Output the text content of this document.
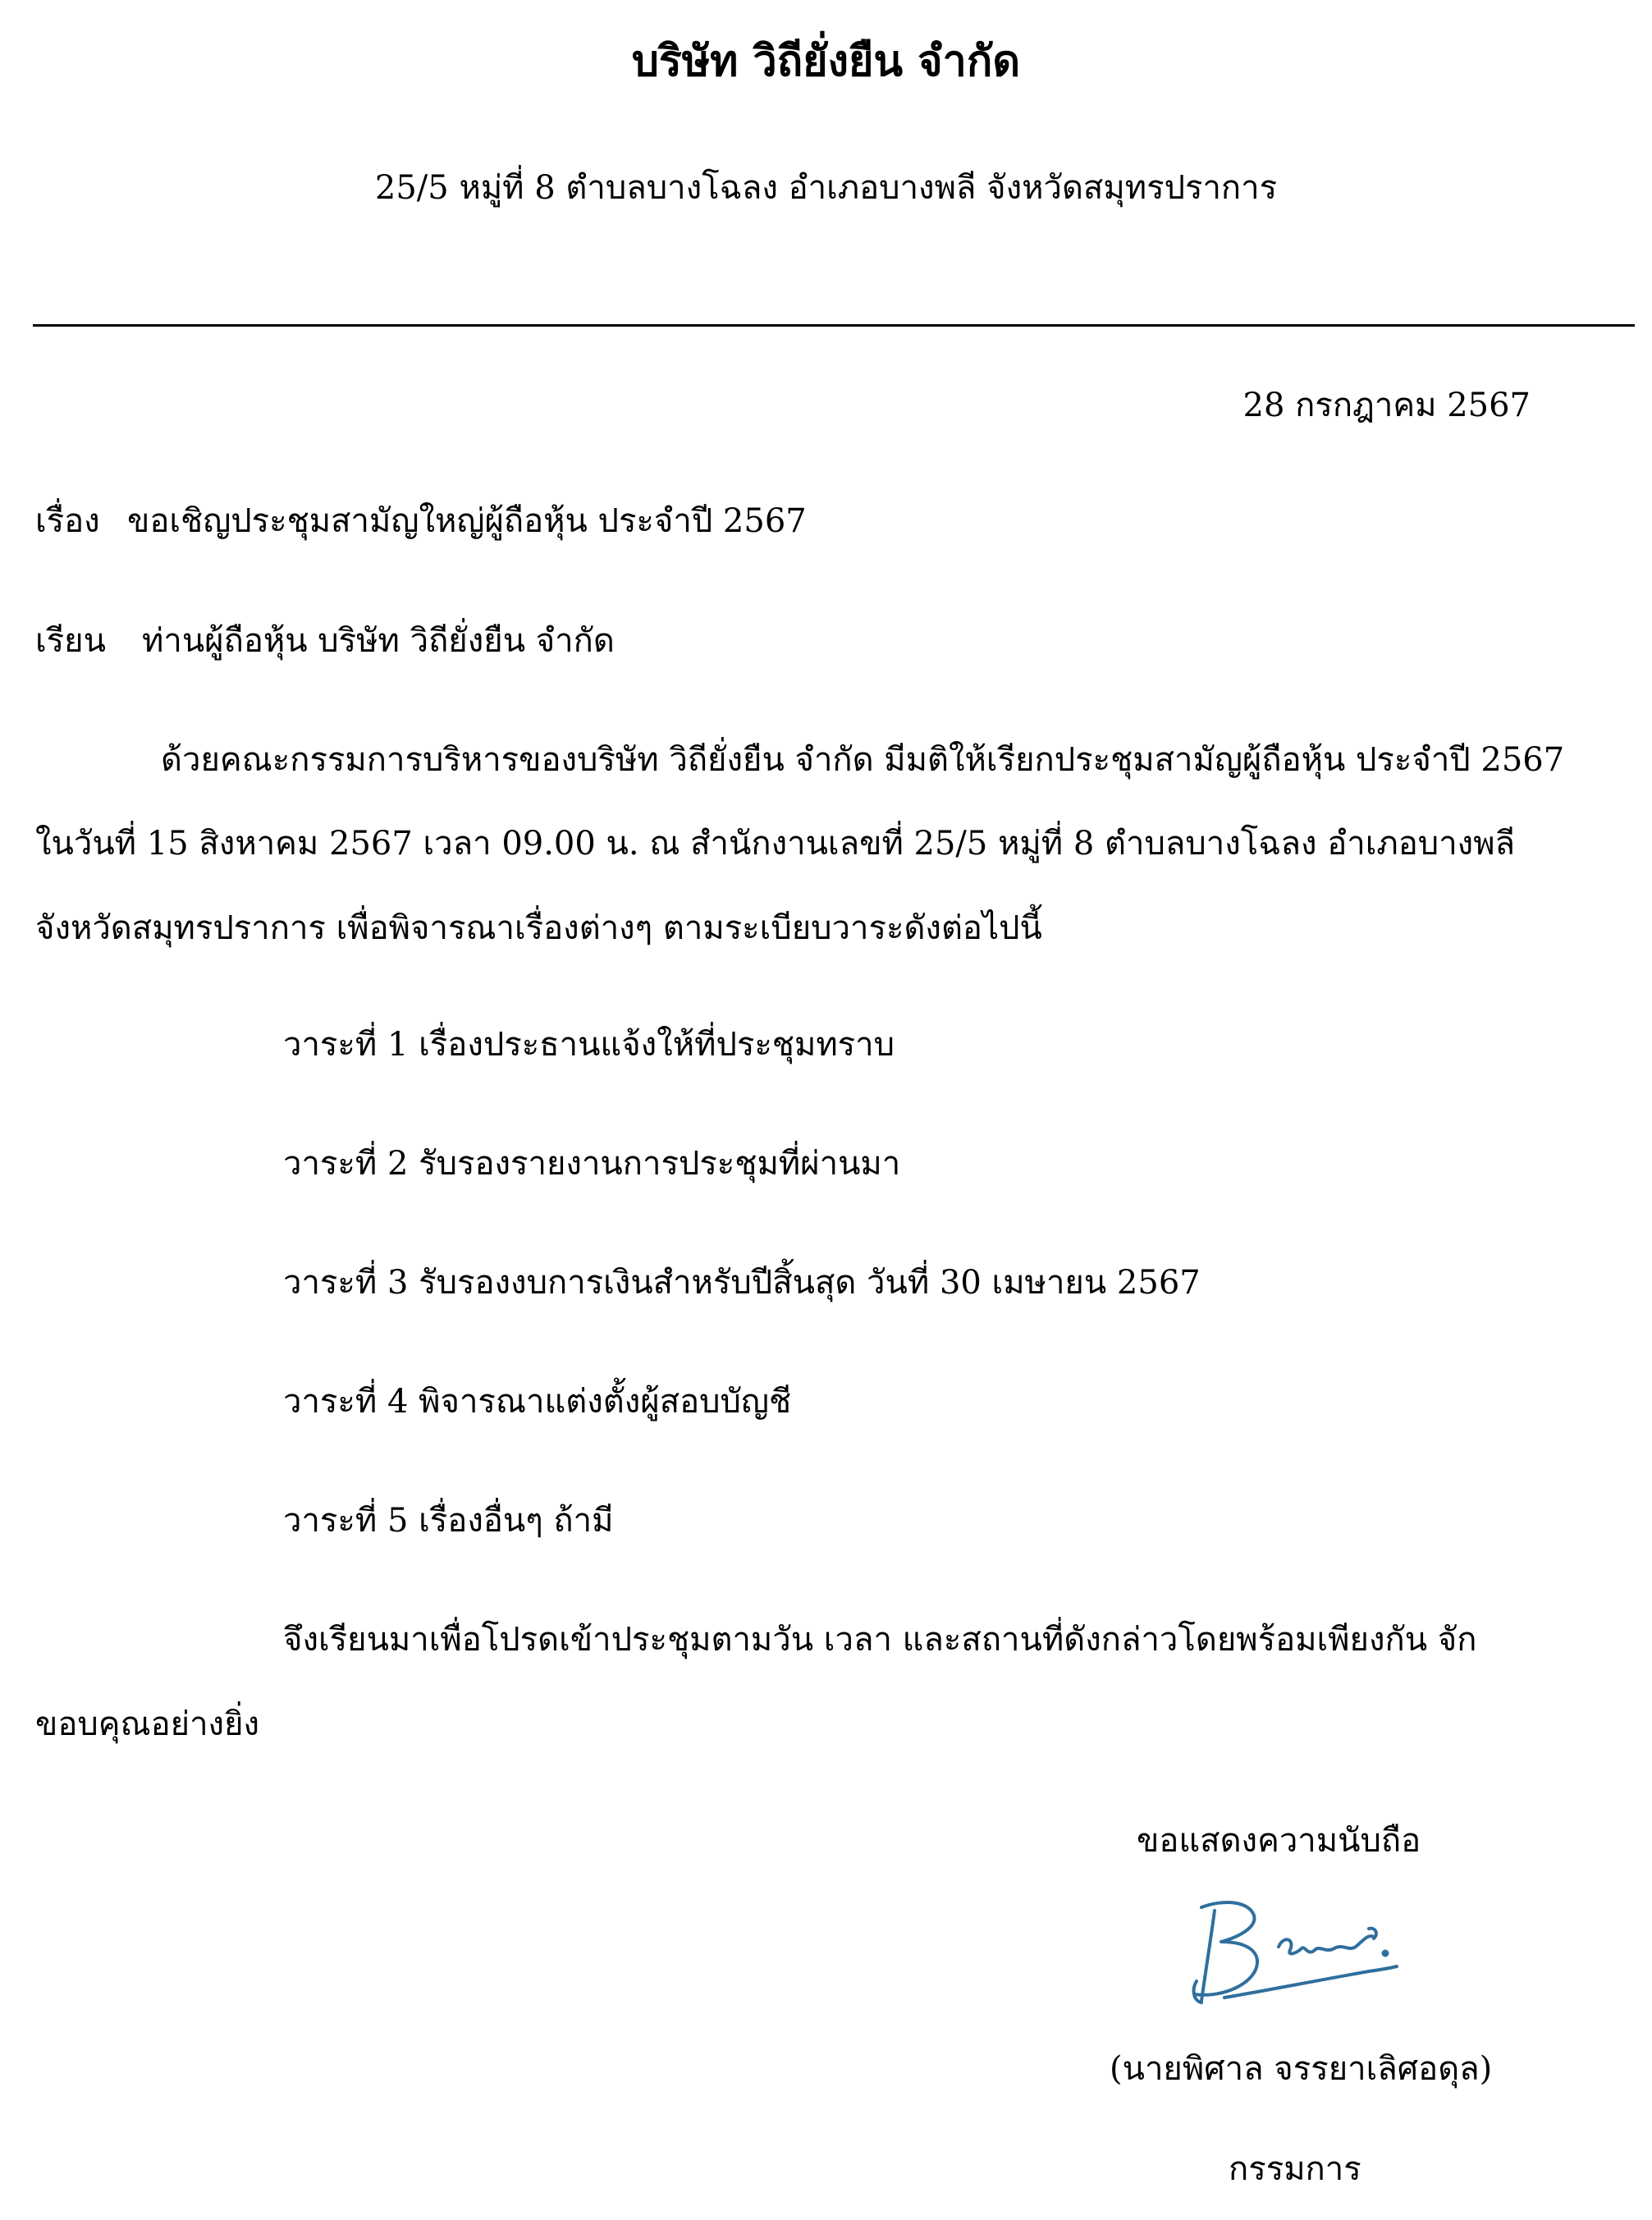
บริษัท วิถียั่งยืน จำกัด
25/5 หมู่ที่ 8 ตำบลบางโฉลง อำเภอบางพลี จังหวัดสมุทรปราการ
28 กรกฎาคม 2567
เรื่อง ขอเชิญประชุมสามัญใหญ่ผู้ถือหุ้น ประจำปี 2567
เรียน ท่านผู้ถือหุ้น บริษัท วิถียั่งยืน จำกัด
ด้วยคณะกรรมการบริหารของบริษัท วิถียั่งยืน จำกัด มีมติให้เรียกประชุมสามัญผู้ถือหุ้น ประจำปี 2567
ในวันที่ 15 สิงหาคม 2567 เวลา 09.00 น. ณ สำนักงานเลขที่ 25/5 หมู่ที่ 8 ตำบลบางโฉลง อำเภอบางพลี
จังหวัดสมุทรปราการ เพื่อพิจารณาเรื่องต่างๆ ตามระเบียบวาระดังต่อไปนี้
วาระที่ 1 เรื่องประธานแจ้งให้ที่ประชุมทราบ
วาระที่ 2 รับรองรายงานการประชุมที่ผ่านมา
วาระที่ 3 รับรองงบการเงินสำหรับปีสิ้นสุด วันที่ 30 เมษายน 2567
วาระที่ 4 พิจารณาแต่งตั้งผู้สอบบัญชี
วาระที่ 5 เรื่องอื่นๆ ถ้ามี
จึงเรียนมาเพื่อโปรดเข้าประชุมตามวัน เวลา และสถานที่ดังกล่าวโดยพร้อมเพียงกัน จัก
ขอบคุณอย่างยิ่ง
ขอแสดงความนับถือ
(นายพิศาล จรรยาเลิศอดุล)
กรรมการ
